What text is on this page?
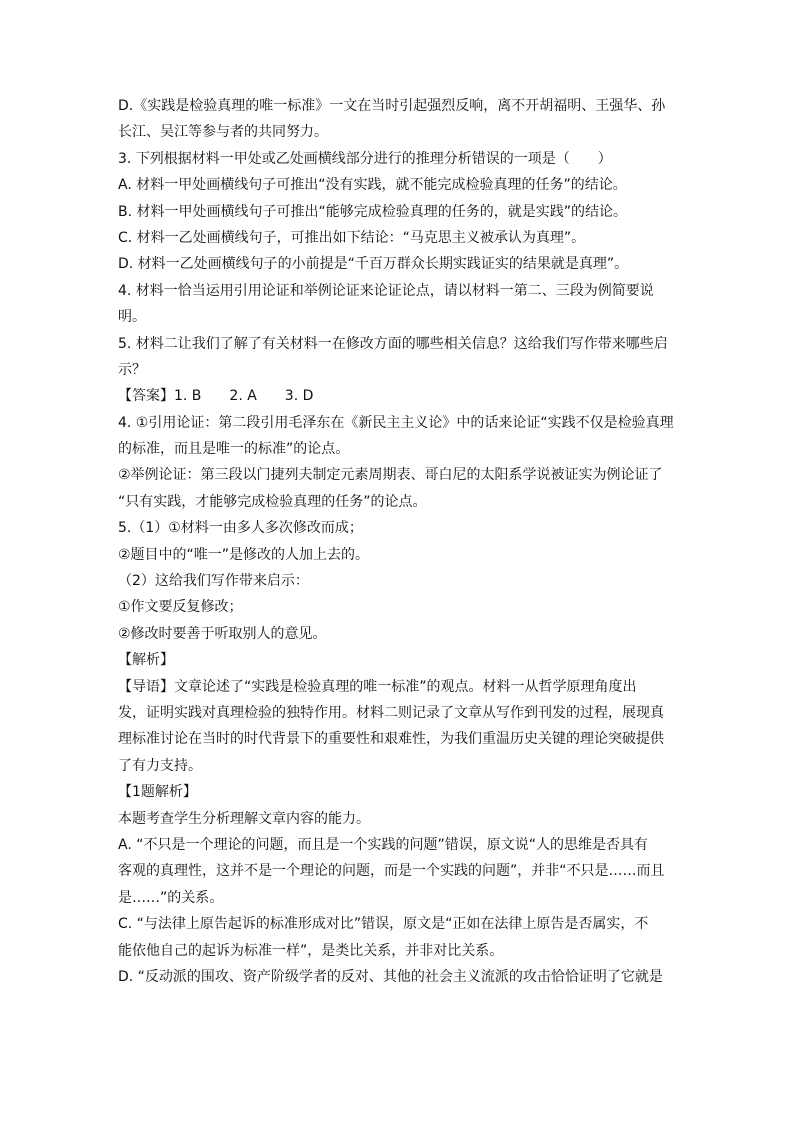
D.《实践是检验真理的唯一标准》一文在当时引起强烈反响，离不开胡福明、王强华、孙
长江、吴江等参与者的共同努力。
3. 下列根据材料一甲处或乙处画横线部分进行的推理分析错误的一项是（　　）
A. 材料一甲处画横线句子可推出“没有实践，就不能完成检验真理的任务”的结论。
B. 材料一甲处画横线句子可推出“能够完成检验真理的任务的，就是实践”的结论。
C. 材料一乙处画横线句子，可推出如下结论：“马克思主义被承认为真理”。
D. 材料一乙处画横线句子的小前提是“千百万群众长期实践证实的结果就是真理”。
4. 材料一恰当运用引用论证和举例论证来论证论点，请以材料一第二、三段为例简要说
明。
5. 材料二让我们了解了有关材料一在修改方面的哪些相关信息？这给我们写作带来哪些启
示？
【答案】1. B　　2. A　　3. D
4. ①引用论证：第二段引用毛泽东在《新民主主义论》中的话来论证“实践不仅是检验真理
的标准，而且是唯一的标准”的论点。
②举例论证：第三段以门捷列夫制定元素周期表、哥白尼的太阳系学说被证实为例论证了
“只有实践，才能够完成检验真理的任务”的论点。
5.（1）①材料一由多人多次修改而成；
②题目中的“唯一”是修改的人加上去的。
（2）这给我们写作带来启示：
①作文要反复修改；
②修改时要善于听取别人的意见。
【解析】
【导语】文章论述了“实践是检验真理的唯一标准”的观点。材料一从哲学原理角度出
发，证明实践对真理检验的独特作用。材料二则记录了文章从写作到刊发的过程，展现真
理标准讨论在当时的时代背景下的重要性和艰难性，为我们重温历史关键的理论突破提供
了有力支持。
【1题解析】
本题考查学生分析理解文章内容的能力。
A. “不只是一个理论的问题，而且是一个实践的问题”错误，原文说“人的思维是否具有
客观的真理性，这并不是一个理论的问题，而是一个实践的问题”，并非“不只是……而且
是……”的关系。
C. “与法律上原告起诉的标准形成对比”错误，原文是“正如在法律上原告是否属实，不
能依他自己的起诉为标准一样”，是类比关系，并非对比关系。
D. “反动派的围攻、资产阶级学者的反对、其他的社会主义流派的攻击恰恰证明了它就是
